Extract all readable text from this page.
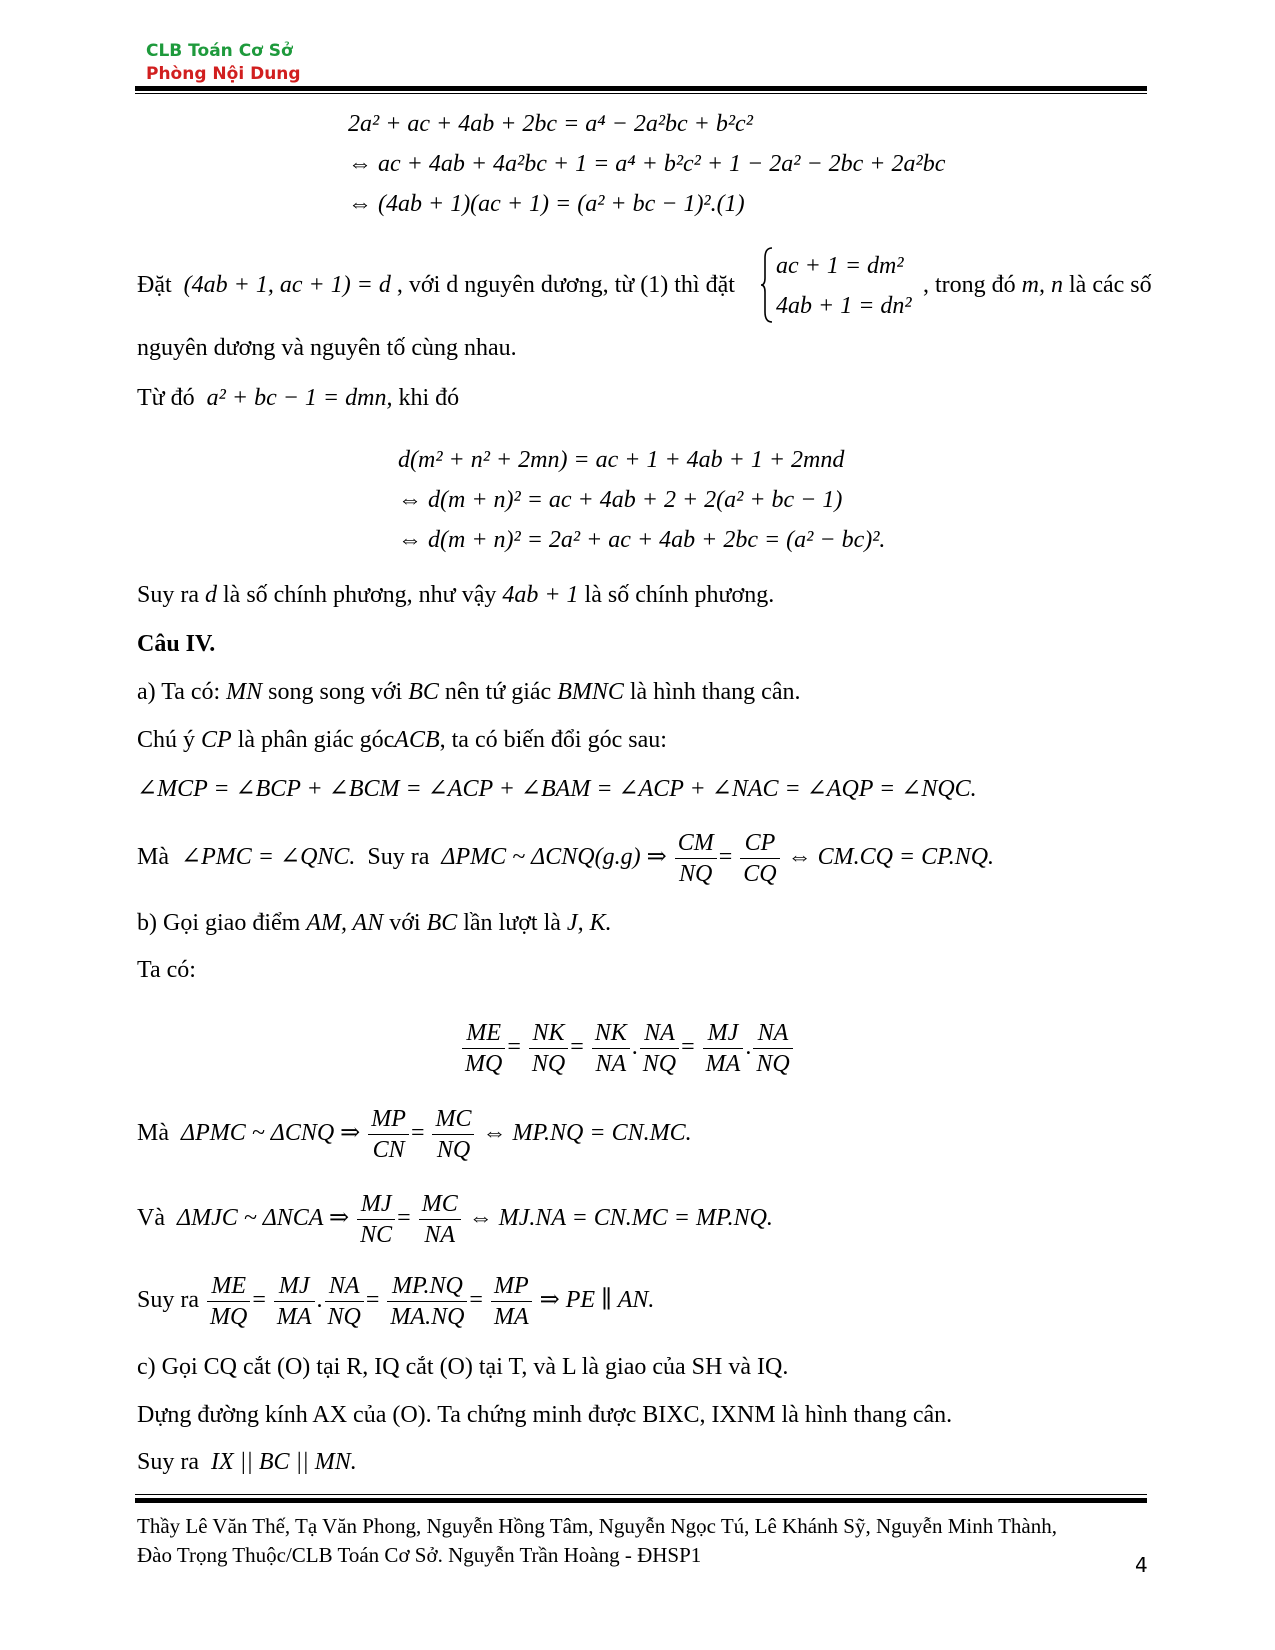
CLB Toán Cơ Sở
Phòng Nội Dung
2a² + ac + 4ab + 2bc = a⁴ − 2a²bc + b²c²
⇔ ac + 4ab + 4a²bc + 1 = a⁴ + b²c² + 1 − 2a² − 2bc + 2a²bc
⇔ (4ab + 1)(ac + 1) = (a² + bc − 1)².(1)
Đặt (4ab + 1, ac + 1) = d , với d nguyên dương, từ (1) thì đặt
ac + 1 = dm²
4ab + 1 = dn²
, trong đó m, n là các số
nguyên dương và nguyên tố cùng nhau.
Từ đó a² + bc − 1 = dmn, khi đó
d(m² + n² + 2mn) = ac + 1 + 4ab + 1 + 2mnd
⇔ d(m + n)² = ac + 4ab + 2 + 2(a² + bc − 1)
⇔ d(m + n)² = 2a² + ac + 4ab + 2bc = (a² − bc)².
Suy ra d là số chính phương, như vậy 4ab + 1 là số chính phương.
Câu IV.
a) Ta có: MN song song với BC nên tứ giác BMNC là hình thang cân.
Chú ý CP là phân giác gócACB, ta có biến đổi góc sau:
∠MCP = ∠BCP + ∠BCM = ∠ACP + ∠BAM = ∠ACP + ∠NAC = ∠AQP = ∠NQC.
Mà ∠PMC = ∠QNC. Suy ra ΔPMC ~ ΔCNQ(g.g) ⇒ $\frac{CM}{NQ} = \frac{CP}{CQ}$ ⇔ CM.CQ = CP.NQ.
b) Gọi giao điểm AM, AN với BC lần lượt là J, K.
Ta có:
$\frac{ME}{MQ} = \frac{NK}{NQ} = \frac{NK}{NA}$ . $\frac{NA}{NQ} = \frac{MJ}{MA}$ . $\frac{NA}{NQ}$
Mà ΔPMC ~ ΔCNQ ⇒ $\frac{MP}{CN} = \frac{MC}{NQ}$ ⇔ MP.NQ = CN.MC.
Và ΔMJC ~ ΔNCA ⇒ $\frac{MJ}{NC} = \frac{MC}{NA}$ ⇔ MJ.NA = CN.MC = MP.NQ.
Suy ra $\frac{ME}{MQ} = \frac{MJ}{MA}$ . $\frac{NA}{NQ} = \frac{MP.NQ}{MA.NQ} = \frac{MP}{MA}$ ⇒ PE ∥ AN.
c) Gọi CQ cắt (O) tại R, IQ cắt (O) tại T, và L là giao của SH và IQ.
Dựng đường kính AX của (O). Ta chứng minh được BIXC, IXNM là hình thang cân.
Suy ra IX || BC || MN.
Thầy Lê Văn Thế, Tạ Văn Phong, Nguyễn Hồng Tâm, Nguyễn Ngọc Tú, Lê Khánh Sỹ, Nguyễn Minh Thành,
Đào Trọng Thuộc/CLB Toán Cơ Sở. Nguyễn Trần Hoàng - ĐHSP1	4
